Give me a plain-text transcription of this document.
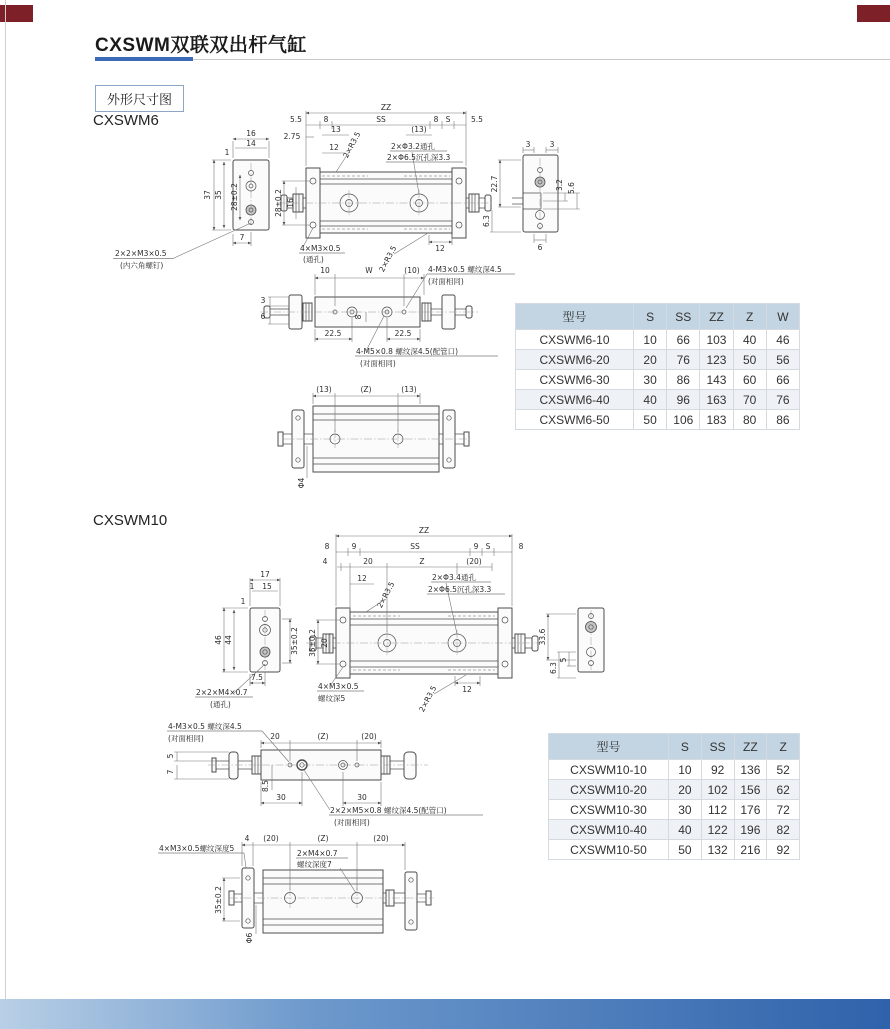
CXSWM双联双出杆气缸
外形尺寸图
CXSWM6
CXSWM10
16
14
1
37 35 28±0.2
7
2×2×M3×0.5
(内六角螺钉)
ZZ
5.5	8	SS	8 S	5.5
2.75
13	(13)
12 2×R3.5	2×Φ3.2通孔
2×Φ6.5沉孔深3.3
28±0.2 16
4×M3×0.5
(通孔)	2×R3.5	12
3	3
22.7
6.3
3.2 5.6
6
10	W	(10) 4-M3×0.5 螺纹深4.5
(对面相同)
3
6	8
22.5	22.5
4-M5×0.8 螺纹深4.5(配管口)
(对面相同)
(13)	(Z)	(13)
Φ4
ZZ
8	9	SS	9 S	8
4	20	Z	(20)
12
2×R3.5
2×Φ3.4通孔
2×Φ6.5沉孔深3.3
35±0.2 20
4×M3×0.5
螺纹深5	2×R3.5	12
17
1 15
1
46 44	35±0.2
7.5
2×2×M4×0.7
(通孔)
33.6
6.3
5
20	(Z)	(20)
4-M3×0.5 螺纹深4.5
(对面相同)
5
7
8.5
30	30
2×2×M5×0.8 螺纹深4.5(配管口)
(对面相同)
4×M3×0.5螺纹深度5
4 (20)	(Z)	(20)
2×M4×0.7
螺纹深度7
35±0.2
Φ6
型号	S	SS	ZZ	Z	W
CXSWM6-10	10	66	103	40	46
CXSWM6-20	20	76	123	50	56
CXSWM6-30	30	86	143	60	66
CXSWM6-40	40	96	163	70	76
CXSWM6-50	50	106	183	80	86
型号	S	SS	ZZ	Z
CXSWM10-10	10	92	136	52
CXSWM10-20	20	102	156	62
CXSWM10-30	30	112	176	72
CXSWM10-40	40	122	196	82
CXSWM10-50	50	132	216	92
